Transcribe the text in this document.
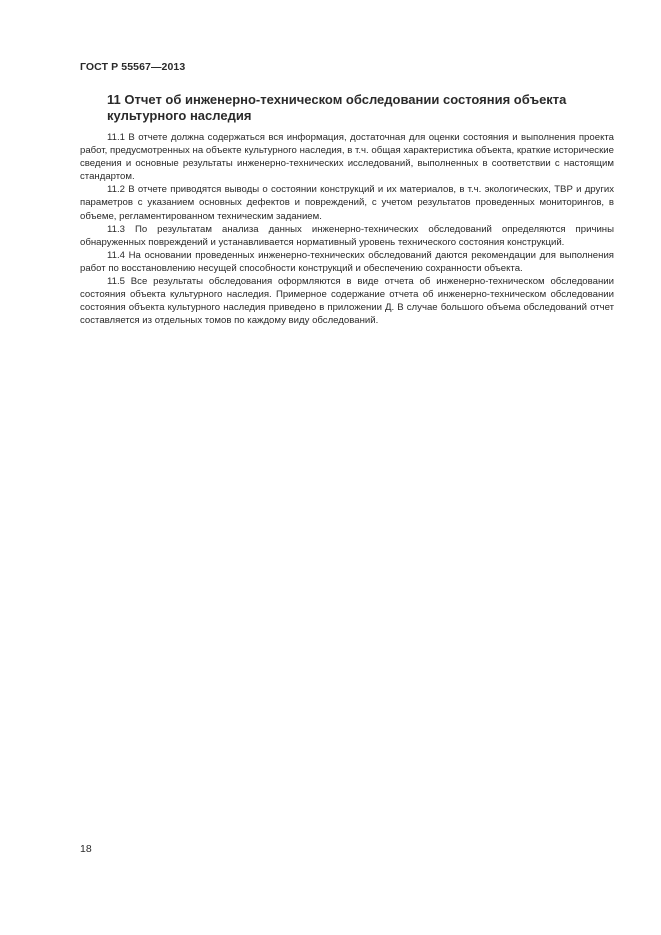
ГОСТ Р 55567—2013
11 Отчет об инженерно-техническом обследовании состояния объекта культурного наследия

11.1 В отчете должна содержаться вся информация, достаточная для оценки состояния и выполнения проекта работ, предусмотренных на объекте культурного наследия, в т.ч. общая характеристика объекта, краткие исторические сведения и основные результаты инженерно-технических исследований, выполненных в соответствии с настоящим стандартом.

11.2 В отчете приводятся выводы о состоянии конструкций и их материалов, в т.ч. экологических, ТВР и других параметров с указанием основных дефектов и повреждений, с учетом результатов проведенных мониторингов, в объеме, регламентированном техническим заданием.

11.3 По результатам анализа данных инженерно-технических обследований определяются причины обнаруженных повреждений и устанавливается нормативный уровень технического состояния конструкций.

11.4 На основании проведенных инженерно-технических обследований даются рекомендации для выполнения работ по восстановлению несущей способности конструкций и обеспечению сохранности объекта.

11.5 Все результаты обследования оформляются в виде отчета об инженерно-техническом обследовании состояния объекта культурного наследия. Примерное содержание отчета об инженерно-техническом обследовании состояния объекта культурного наследия приведено в приложении Д. В случае большого объема обследований отчет составляется из отдельных томов по каждому виду обследований.

18
